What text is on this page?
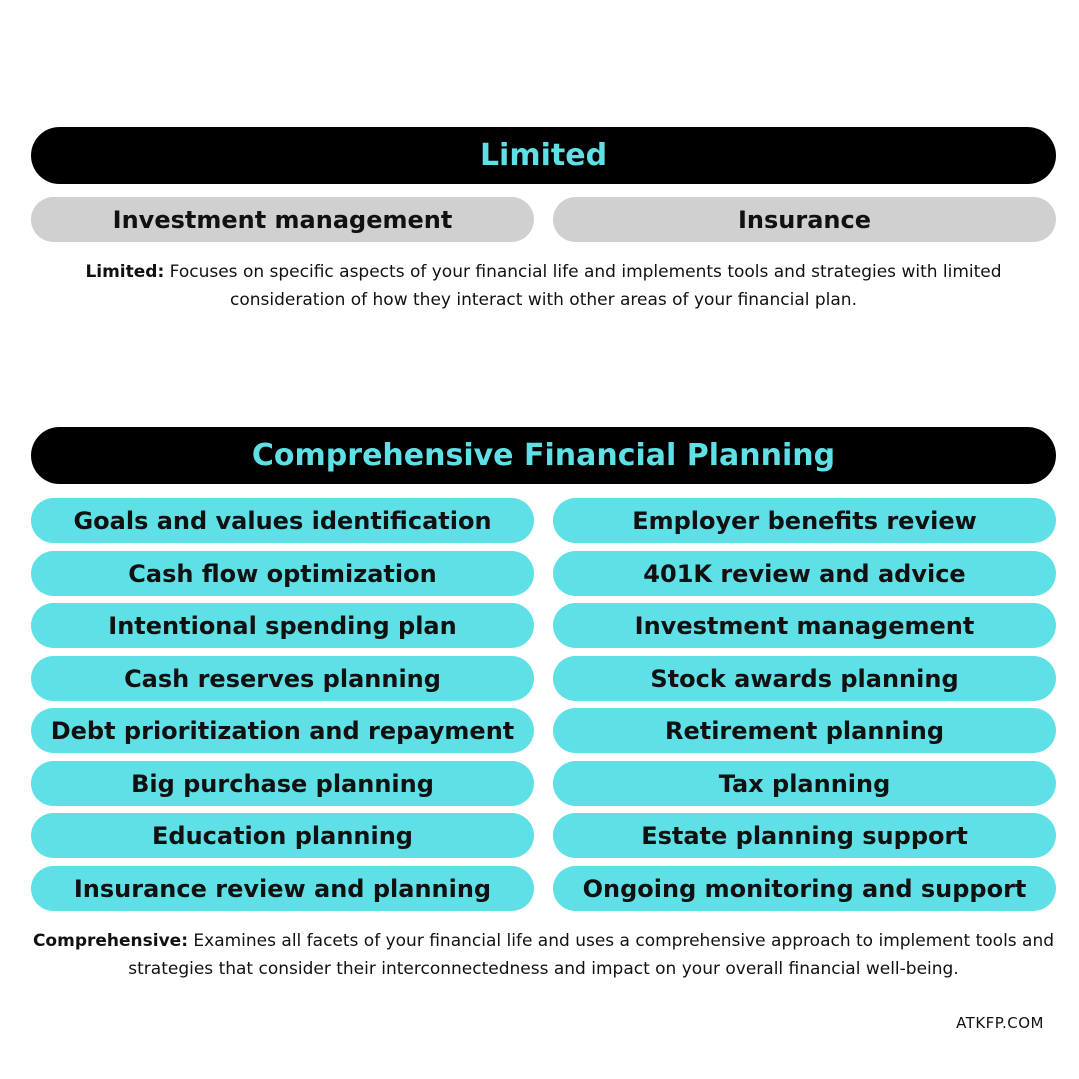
Limited
Investment management	Insurance
Limited: Focuses on specific aspects of your financial life and implements tools and strategies with limited consideration of how they interact with other areas of your financial plan.
Comprehensive Financial Planning
Goals and values identification	Employer benefits review
Cash flow optimization	401K review and advice
Intentional spending plan	Investment management
Cash reserves planning	Stock awards planning
Debt prioritization and repayment	Retirement planning
Big purchase planning	Tax planning
Education planning	Estate planning support
Insurance review and planning	Ongoing monitoring and support
Comprehensive: Examines all facets of your financial life and uses a comprehensive approach to implement tools and strategies that consider their interconnectedness and impact on your overall financial well-being.
ATKFP.COM
